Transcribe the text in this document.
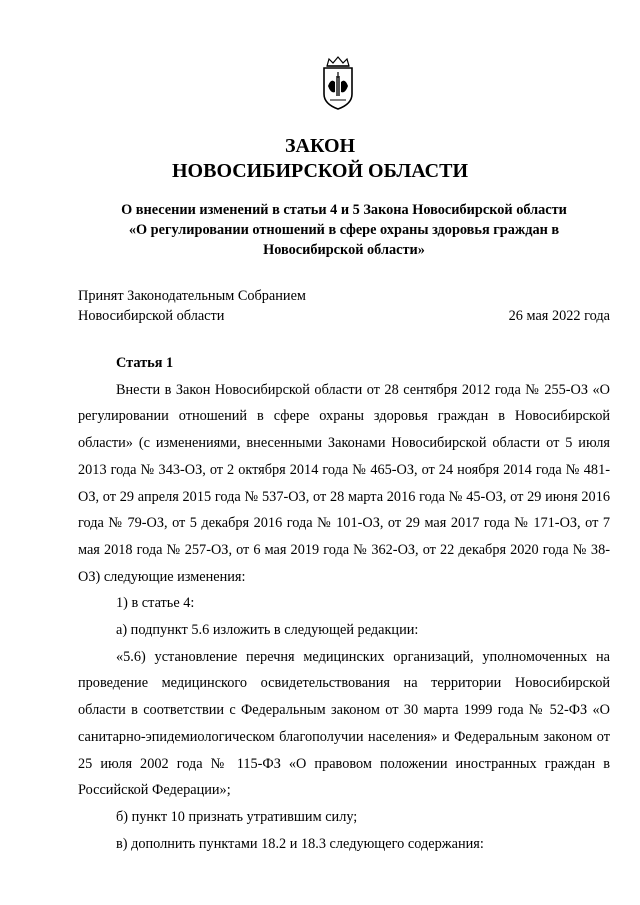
ЗАКОН
НОВОСИБИРСКОЙ ОБЛАСТИ
О внесении изменений в статьи 4 и 5 Закона Новосибирской области
«О регулировании отношений в сфере охраны здоровья граждан в
Новосибирской области»
Принят Законодательным Собранием
Новосибирской области	26 мая 2022 года
Статья 1

Внести в Закон Новосибирской области от 28 сентября 2012 года № 255-ОЗ «О регулировании отношений в сфере охраны здоровья граждан в Новосибирской области» (с изменениями, внесенными Законами Новосибирской области от 5 июля 2013 года № 343-ОЗ, от 2 октября 2014 года № 465-ОЗ, от 24 ноября 2014 года № 481-ОЗ, от 29 апреля 2015 года № 537-ОЗ, от 28 марта 2016 года № 45-ОЗ, от 29 июня 2016 года № 79-ОЗ, от 5 декабря 2016 года № 101-ОЗ, от 29 мая 2017 года № 171-ОЗ, от 7 мая 2018 года № 257-ОЗ, от 6 мая 2019 года № 362-ОЗ, от 22 декабря 2020 года № 38-ОЗ) следующие изменения:

1) в статье 4:

а) подпункт 5.6 изложить в следующей редакции:

«5.6) установление перечня медицинских организаций, уполномоченных на проведение медицинского освидетельствования на территории Новосибирской области в соответствии с Федеральным законом от 30 марта 1999 года № 52-ФЗ «О санитарно-эпидемиологическом благополучии населения» и Федеральным законом от 25 июля 2002 года № 115-ФЗ «О правовом положении иностранных граждан в Российской Федерации»;

б) пункт 10 признать утратившим силу;

в) дополнить пунктами 18.2 и 18.3 следующего содержания:
